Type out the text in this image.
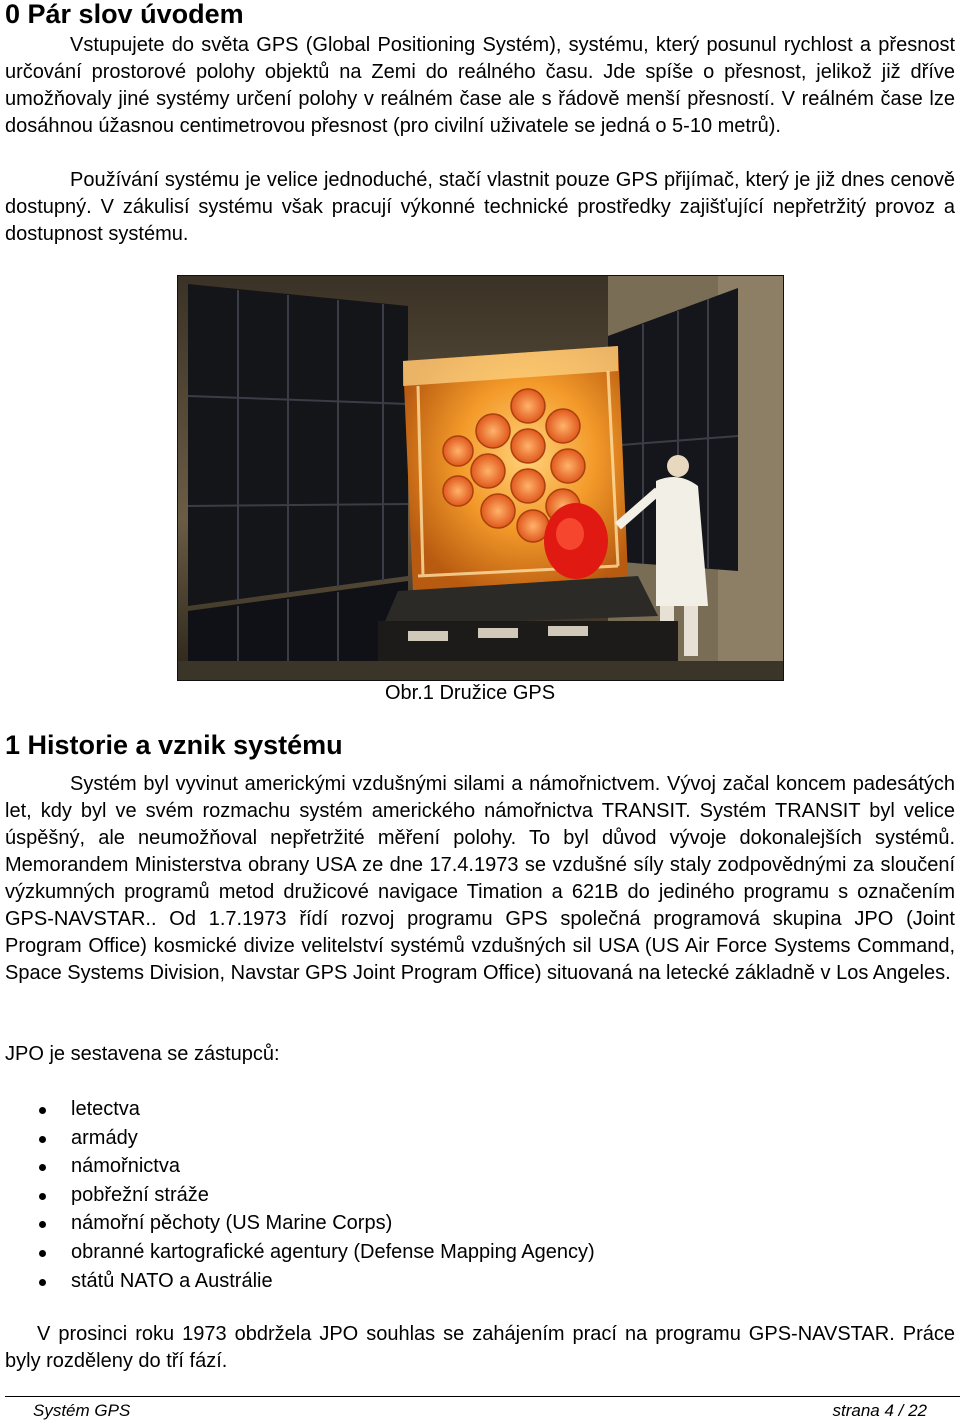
0 Pár slov úvodem

Vstupujete do světa GPS (Global Positioning Systém), systému, který posunul rychlost a přesnost určování prostorové polohy objektů na Zemi do reálného času. Jde spíše o přesnost, jelikož již dříve umožňovaly jiné systémy určení polohy v reálném čase ale s řádově menší přesností. V reálném čase lze dosáhnou úžasnou centimetrovou přesnost (pro civilní uživatele se jedná o 5-10 metrů).

Používání systému je velice jednoduché, stačí vlastnit pouze GPS přijímač, který je již dnes cenově dostupný. V zákulisí systému však pracují výkonné technické prostředky zajišťující nepřetržitý provoz a dostupnost systému.

Obr.1 Družice GPS
1 Historie a vznik systému

Systém byl vyvinut americkými vzdušnými silami a námořnictvem. Vývoj začal koncem padesátých let, kdy byl ve svém rozmachu systém amerického námořnictva TRANSIT. Systém TRANSIT byl velice úspěšný, ale neumožňoval nepřetržité měření polohy. To byl důvod vývoje dokonalejších systémů. Memorandem Ministerstva obrany USA ze dne 17.4.1973 se vzdušné síly staly zodpovědnými za sloučení výzkumných programů metod družicové navigace Timation a 621B do jediného programu s označením GPS-NAVSTAR.. Od 1.7.1973 řídí rozvoj programu GPS společná programová skupina JPO (Joint Program Office) kosmické divize velitelství systémů vzdušných sil USA (US Air Force Systems Command, Space Systems Division, Navstar GPS Joint Program Office) situovaná na letecké základně v Los Angeles.

JPO je sestavena se zástupců:

letectva
armády
námořnictva
pobřežní stráže
námořní pěchoty (US Marine Corps)
obranné kartografické agentury (Defense Mapping Agency)
států NATO a Austrálie

V prosinci roku 1973 obdržela JPO souhlas se zahájením prací na programu GPS-NAVSTAR. Práce byly rozděleny do tří fází.

Systém GPS	strana 4 / 22
